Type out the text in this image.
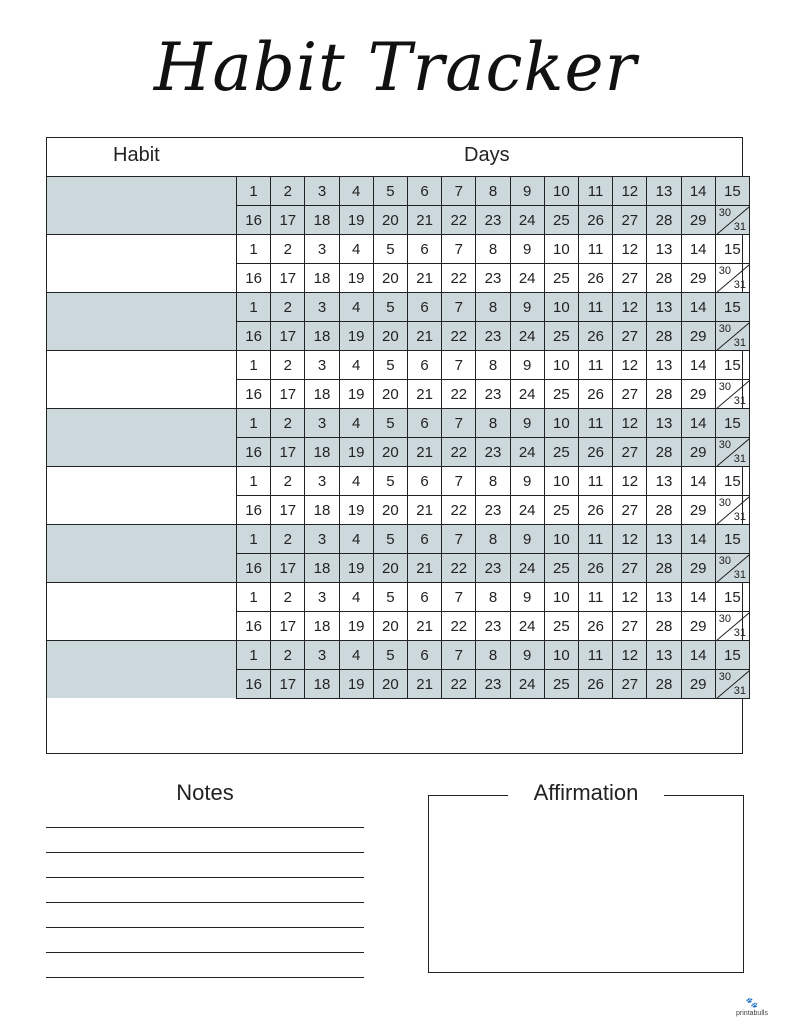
Habit Tracker
Habit	Days
1 2 3 4 5 6 7 8 9 10 11 12 13 14 15
16 17 18 19 20 21 22 23 24 25 26 27 28 29 30
31
1 2 3 4 5 6 7 8 9 10 11 12 13 14 15
16 17 18 19 20 21 22 23 24 25 26 27 28 29 30
31
1 2 3 4 5 6 7 8 9 10 11 12 13 14 15
16 17 18 19 20 21 22 23 24 25 26 27 28 29 30
31
1 2 3 4 5 6 7 8 9 10 11 12 13 14 15
16 17 18 19 20 21 22 23 24 25 26 27 28 29 30
31
1 2 3 4 5 6 7 8 9 10 11 12 13 14 15
16 17 18 19 20 21 22 23 24 25 26 27 28 29 30
31
1 2 3 4 5 6 7 8 9 10 11 12 13 14 15
16 17 18 19 20 21 22 23 24 25 26 27 28 29 30
31
1 2 3 4 5 6 7 8 9 10 11 12 13 14 15
16 17 18 19 20 21 22 23 24 25 26 27 28 29 30
31
1 2 3 4 5 6 7 8 9 10 11 12 13 14 15
16 17 18 19 20 21 22 23 24 25 26 27 28 29 30
31
1 2 3 4 5 6 7 8 9 10 11 12 13 14 15
16 17 18 19 20 21 22 23 24 25 26 27 28 29 30
31
Notes	Affirmation
🐾
printabulls
